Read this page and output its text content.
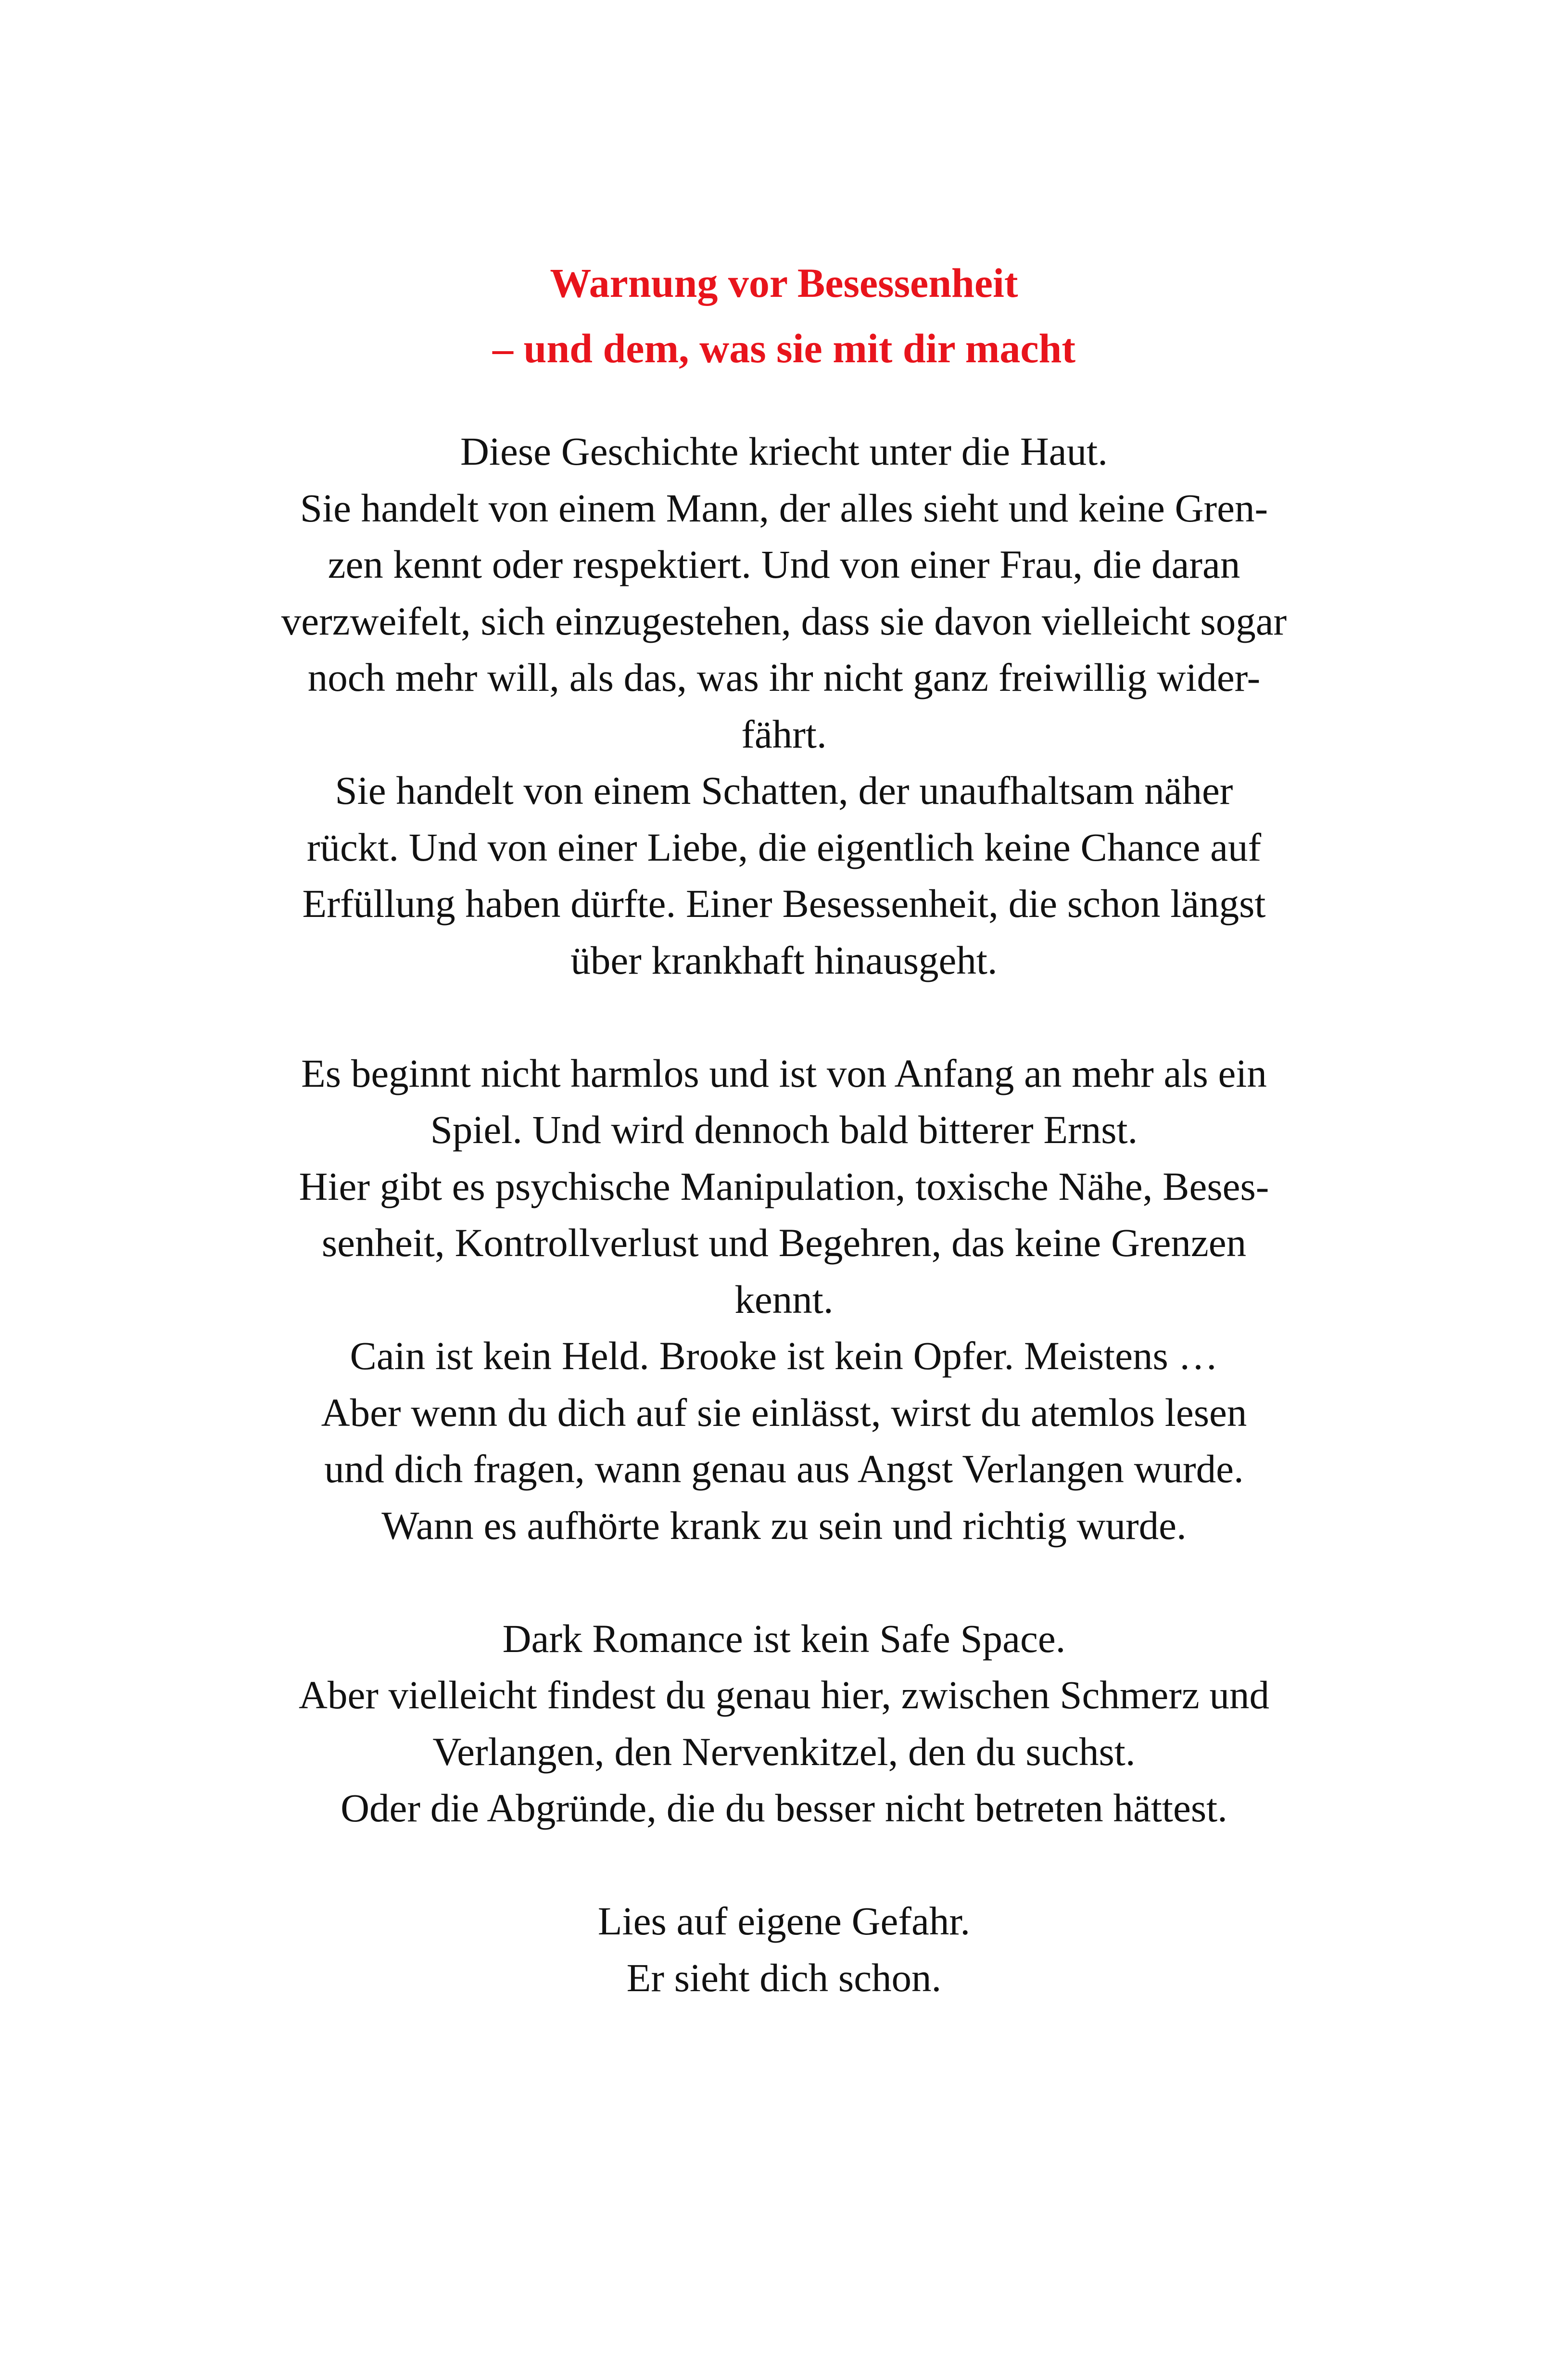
Warnung vor Besessenheit
– und dem, was sie mit dir macht
Diese Geschichte kriecht unter die Haut.
Sie handelt von einem Mann, der alles sieht und keine Gren-
zen kennt oder respektiert. Und von einer Frau, die daran
verzweifelt, sich einzugestehen, dass sie davon vielleicht sogar
noch mehr will, als das, was ihr nicht ganz freiwillig wider-
fährt.
Sie handelt von einem Schatten, der unaufhaltsam näher
rückt. Und von einer Liebe, die eigentlich keine Chance auf
Erfüllung haben dürfte. Einer Besessenheit, die schon längst
über krankhaft hinausgeht.
Es beginnt nicht harmlos und ist von Anfang an mehr als ein
Spiel. Und wird dennoch bald bitterer Ernst.
Hier gibt es psychische Manipulation, toxische Nähe, Beses-
senheit, Kontrollverlust und Begehren, das keine Grenzen
kennt.
Cain ist kein Held. Brooke ist kein Opfer. Meistens …
Aber wenn du dich auf sie einlässt, wirst du atemlos lesen
und dich fragen, wann genau aus Angst Verlangen wurde.
Wann es aufhörte krank zu sein und richtig wurde.
Dark Romance ist kein Safe Space.
Aber vielleicht findest du genau hier, zwischen Schmerz und
Verlangen, den Nervenkitzel, den du suchst.
Oder die Abgründe, die du besser nicht betreten hättest.
Lies auf eigene Gefahr.
Er sieht dich schon.
